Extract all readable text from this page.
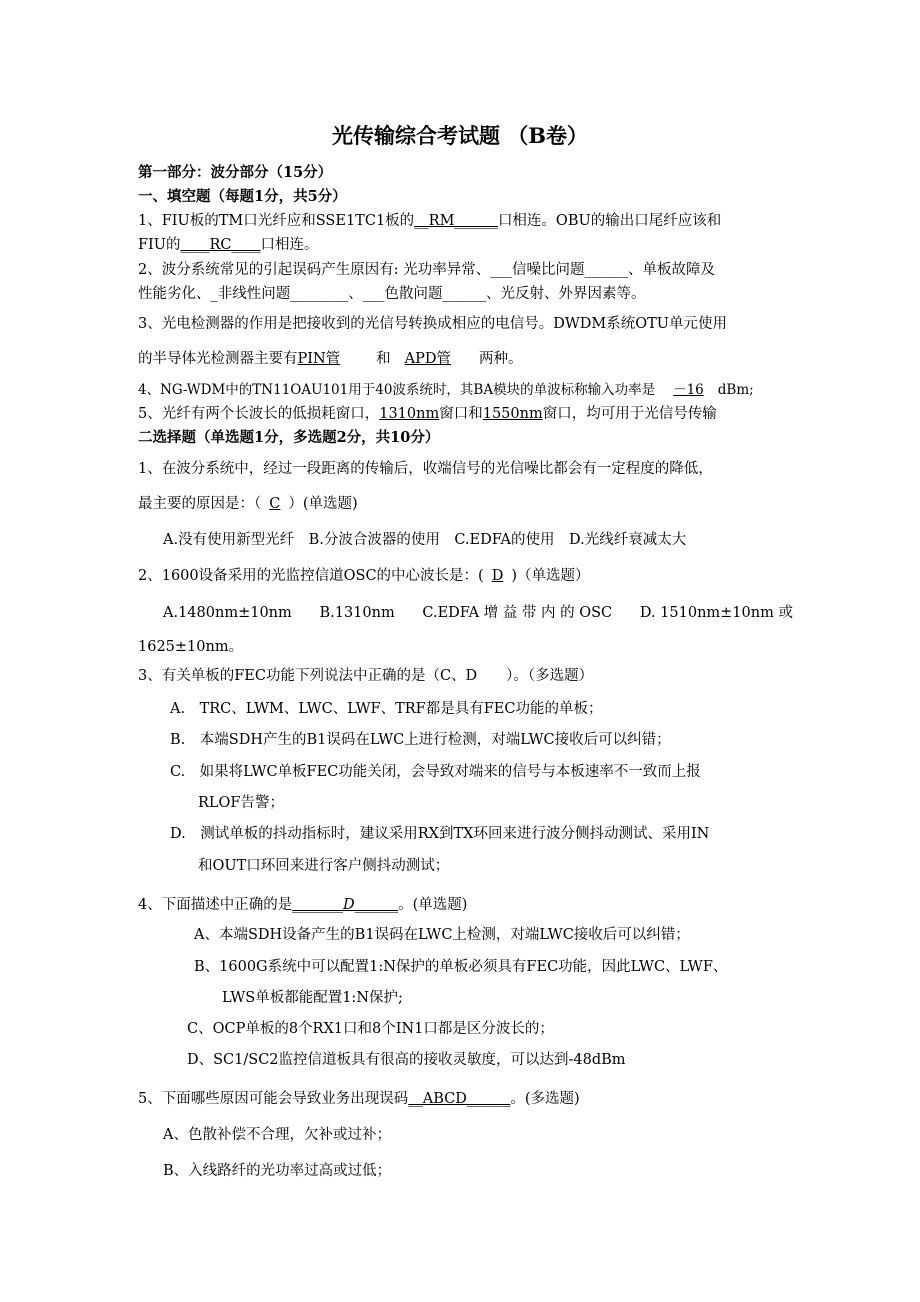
光传输综合考试题 （B卷）
第一部分：波分部分（15分）
一、填空题（每题1分，共5分）
1、FIU板的TM口光纤应和SSE1TC1板的__RM______口相连。OBU的输出口尾纤应该和
FIU的____RC____口相连。
2、波分系统常见的引起误码产生原因有: 光功率异常、___信噪比问题______、单板故障及
性能劣化、_非线性问题________、___色散问题______、光反射、外界因素等。
3、光电检测器的作用是把接收到的光信号转换成相应的电信号。DWDM系统OTU单元使用
的半导体光检测器主要有PIN管 和 APD管 两种。
4、NG-WDM中的TN11OAU101用于40波系统时，其BA模块的单波标称输入功率是 －16 dBm;
5、光纤有两个长波长的低损耗窗口，1310nm窗口和1550nm窗口，均可用于光信号传输
二选择题（单选题1分，多选题2分，共10分）
1、在波分系统中，经过一段距离的传输后，收端信号的光信噪比都会有一定程度的降低，
最主要的原因是：（ C ）(单选题)
A.没有使用新型光纤　B.分波合波器的使用　C.EDFA的使用　D.光线纤衰减太大
2、1600设备采用的光监控信道OSC的中心波长是：( D )（单选题）
A.1480nm±10nm B.1310nm C.EDFA 增 益 带 内 的 OSC D. 1510nm±10nm 或
1625±10nm。
3、有关单板的FEC功能下列说法中正确的是（C、D　　）。（多选题）
A.　TRC、LWM、LWC、LWF、TRF都是具有FEC功能的单板；
B.　本端SDH产生的B1误码在LWC上进行检测，对端LWC接收后可以纠错；
C.　如果将LWC单板FEC功能关闭，会导致对端来的信号与本板速率不一致而上报
RLOF告警；
D.　测试单板的抖动指标时，建议采用RX到TX环回来进行波分侧抖动测试、采用IN
和OUT口环回来进行客户侧抖动测试；
4、下面描述中正确的是_______D______。(单选题)
A、本端SDH设备产生的B1误码在LWC上检测，对端LWC接收后可以纠错；
B、1600G系统中可以配置1:N保护的单板必须具有FEC功能，因此LWC、LWF、
LWS单板都能配置1:N保护;
C、OCP单板的8个RX1口和8个IN1口都是区分波长的；
D、SC1/SC2监控信道板具有很高的接收灵敏度，可以达到-48dBm
5、下面哪些原因可能会导致业务出现误码__ABCD______。(多选题)
A、色散补偿不合理，欠补或过补；
B、入线路纤的光功率过高或过低；
